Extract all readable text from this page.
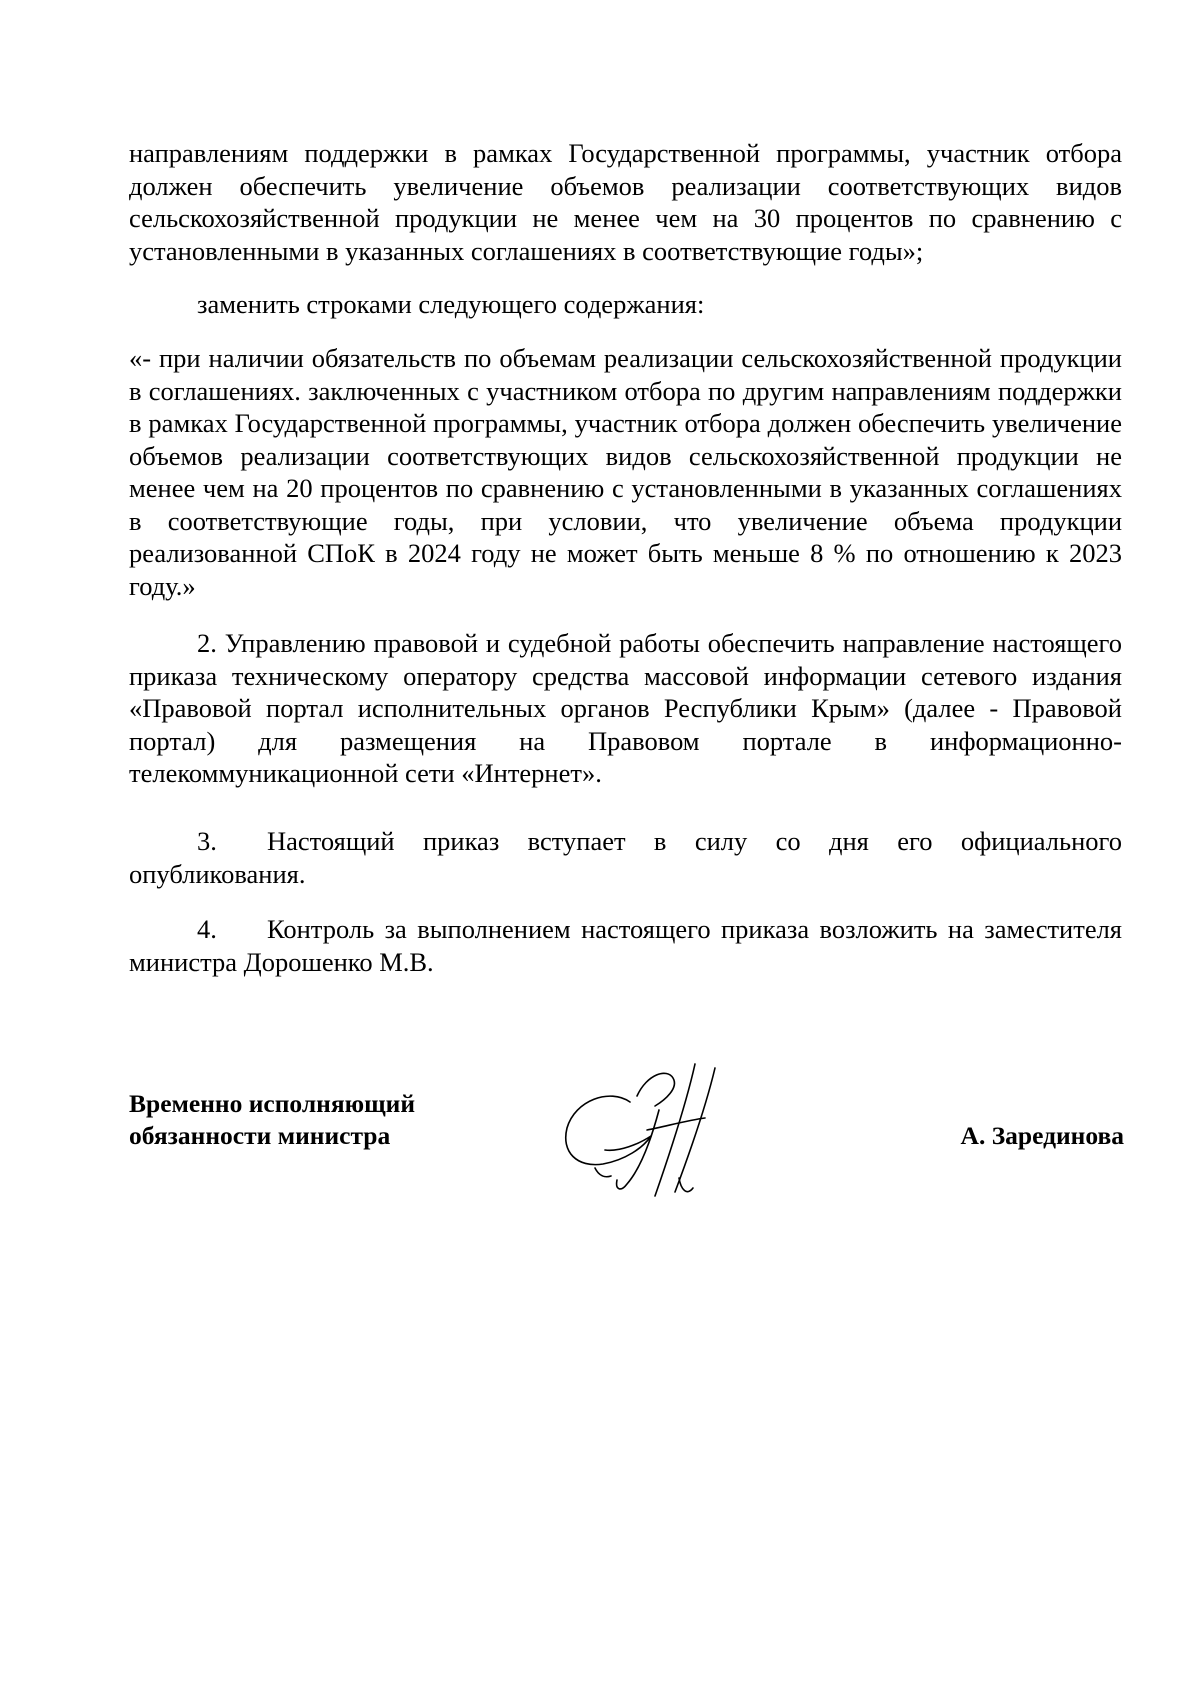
направлениям поддержки в рамках Государственной программы, участник отбора должен обеспечить увеличение объемов реализации соответствующих видов сельскохозяйственной продукции не менее чем на 30 процентов по сравнению с установленными в указанных соглашениях в соответствующие годы»;

заменить строками следующего содержания:

«- при наличии обязательств по объемам реализации сельскохозяйственной продукции в соглашениях. заключенных с участником отбора по другим направлениям поддержки в рамках Государственной программы, участник отбора должен обеспечить увеличение объемов реализации соответствующих видов сельскохозяйственной продукции не менее чем на 20 процентов по сравнению с установленными в указанных соглашениях в соответствующие годы, при условии, что увеличение объема продукции реализованной СПоК в 2024 году не может быть меньше 8 % по отношению к 2023 году.»

2. Управлению правовой и судебной работы обеспечить направление настоящего приказа техническому оператору средства массовой информации сетевого издания «Правовой портал исполнительных органов Республики Крым» (далее - Правовой портал) для размещения на Правовом портале в информационно-телекоммуникационной сети «Интернет».

3. Настоящий приказ вступает в силу со дня его официального опубликования.

4. Контроль за выполнением настоящего приказа возложить на заместителя министра Дорошенко М.В.

Временно исполняющий
обязанности министра	А. Зарединова
